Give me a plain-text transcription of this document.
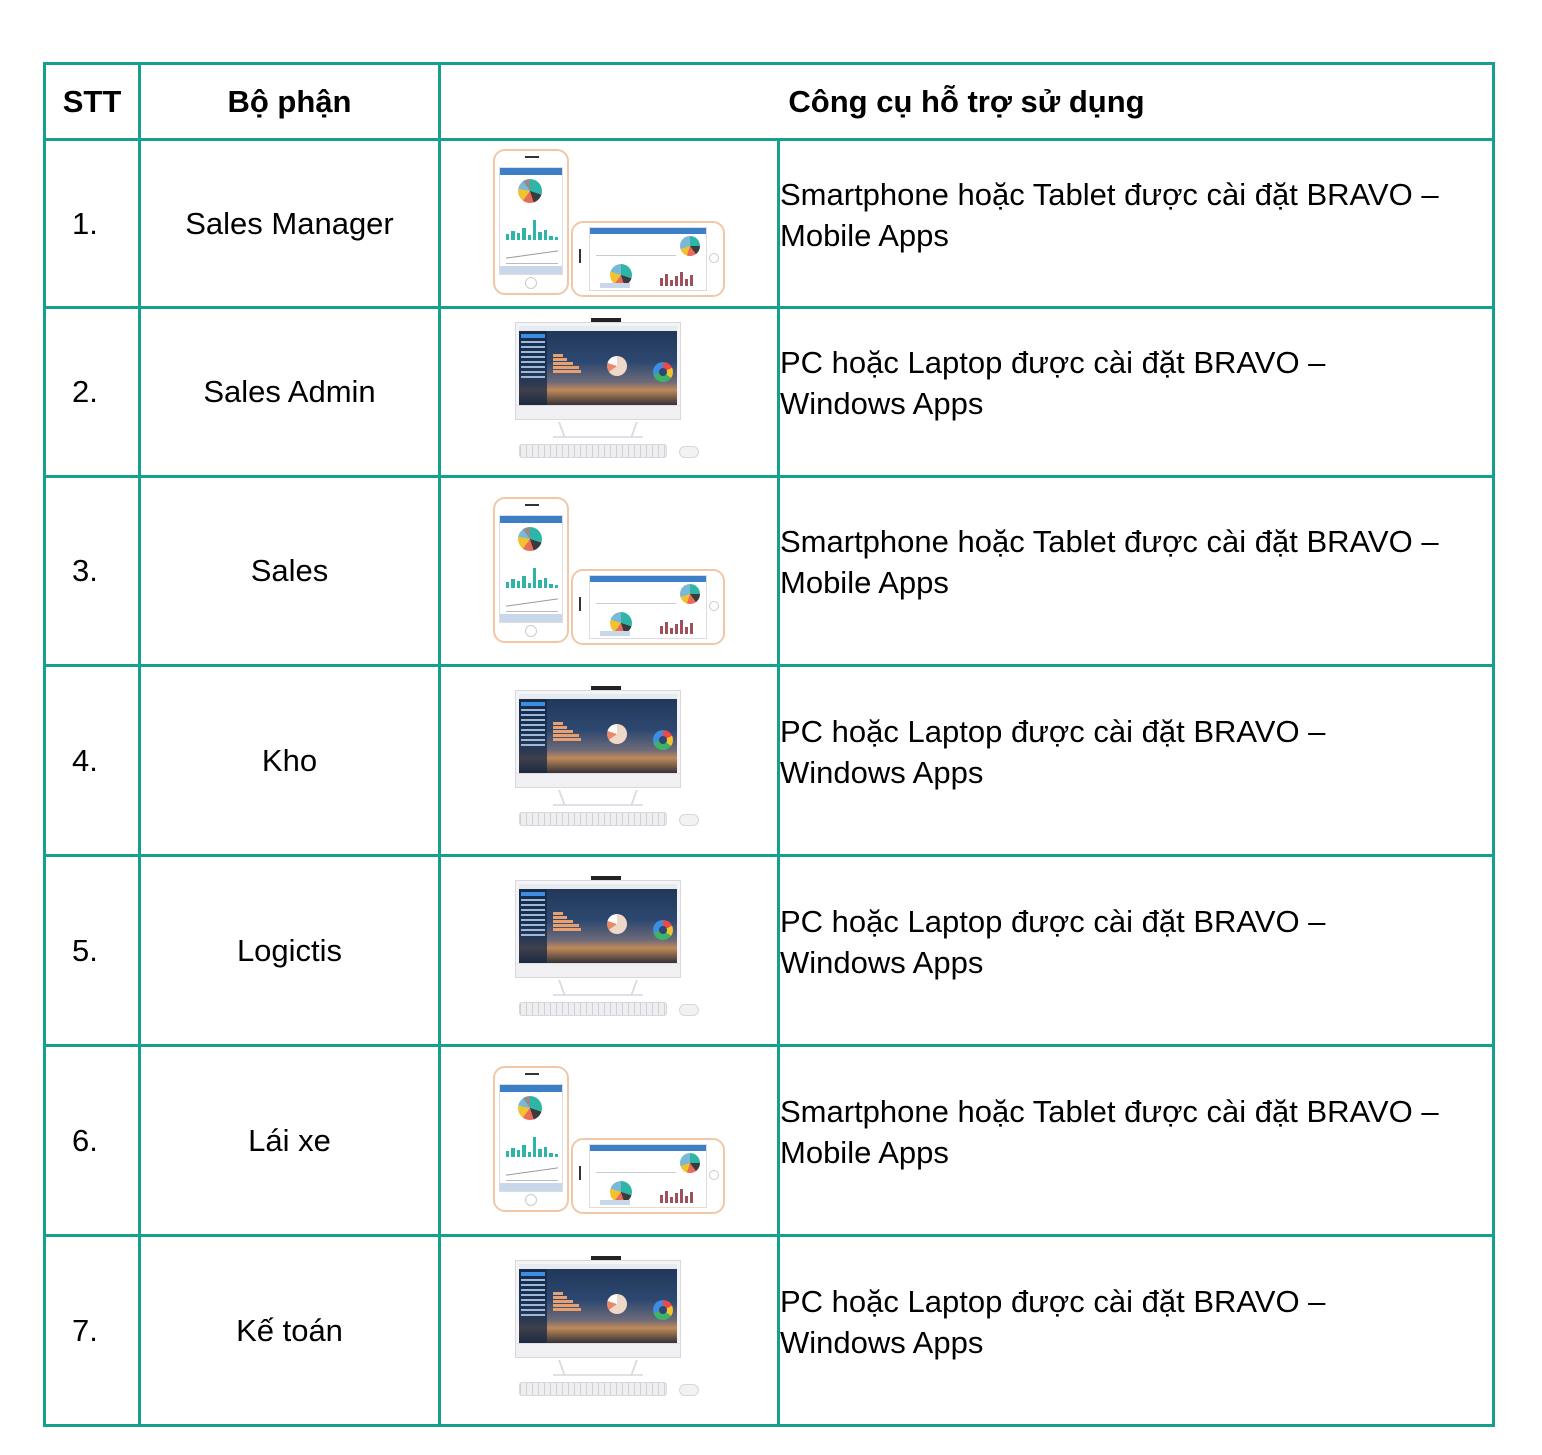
STT	Bộ phận	Công cụ hỗ trợ sử dụng	
1.	Sales Manager		Smartphone hoặc Tablet được cài đặt BRAVO –
Mobile Apps

2.	Sales Admin		PC hoặc Laptop được cài đặt BRAVO –
Windows Apps

3.	Sales		Smartphone hoặc Tablet được cài đặt BRAVO –
Mobile Apps

4.	Kho		PC hoặc Laptop được cài đặt BRAVO –
Windows Apps

5.	Logictis		PC hoặc Laptop được cài đặt BRAVO –
Windows Apps

6.	Lái xe		Smartphone hoặc Tablet được cài đặt BRAVO –
Mobile Apps

7.	Kế toán		PC hoặc Laptop được cài đặt BRAVO –
Windows Apps
